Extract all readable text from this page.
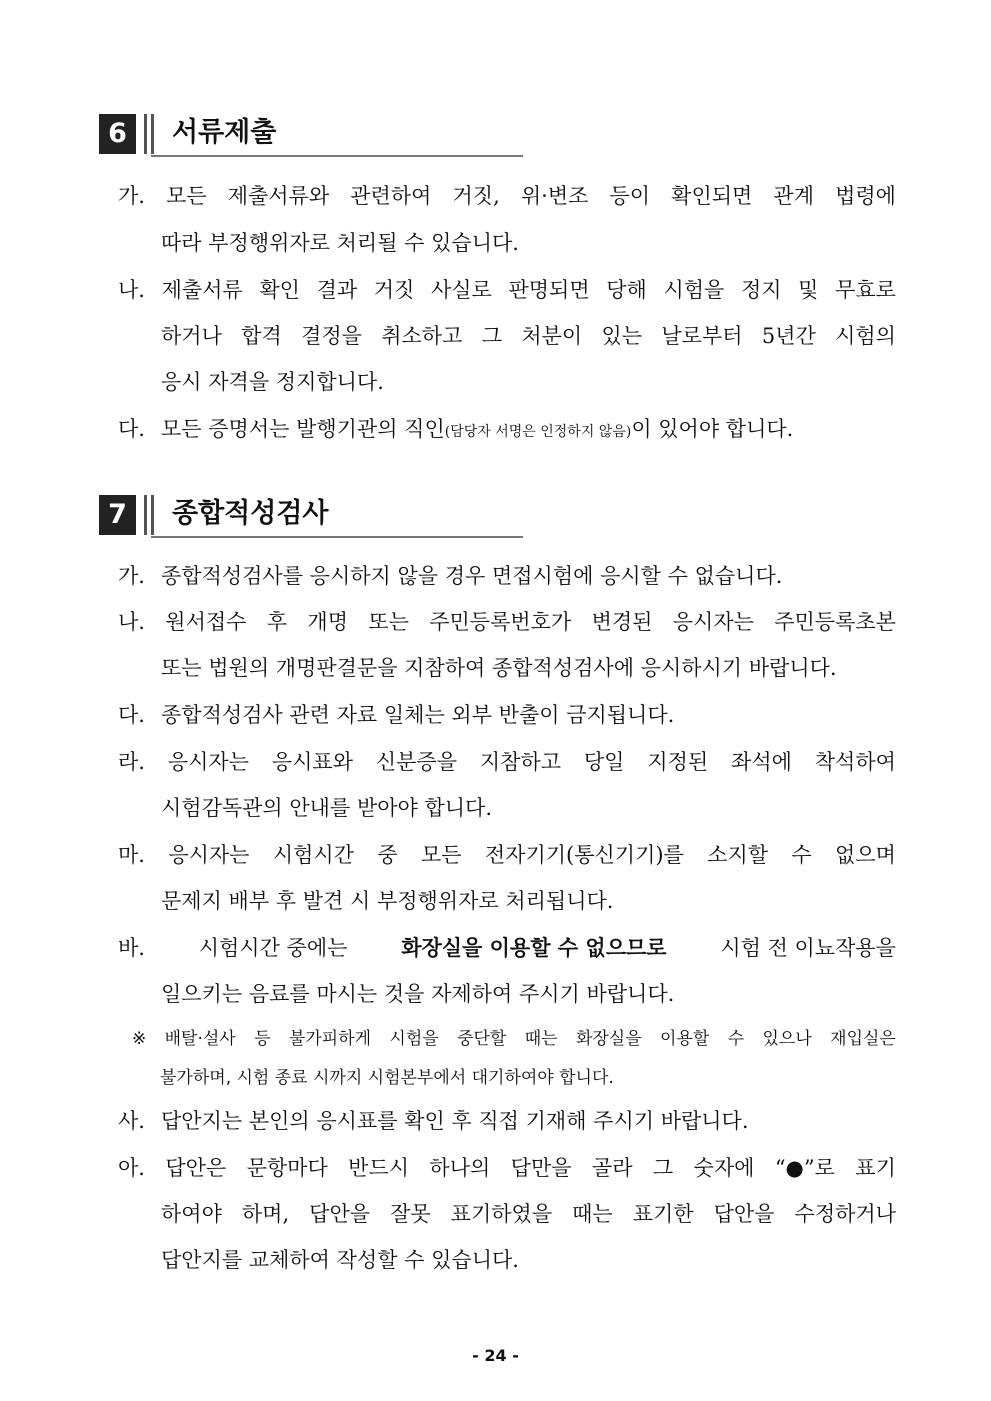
6	서류제출
가. 모든 제출서류와 관련하여 거짓, 위·변조 등이 확인되면 관계 법령에
따라 부정행위자로 처리될 수 있습니다.
나. 제출서류 확인 결과 거짓 사실로 판명되면 당해 시험을 정지 및 무효로
하거나 합격 결정을 취소하고 그 처분이 있는 날로부터 5년간 시험의
응시 자격을 정지합니다.
다. 모든 증명서는 발행기관의 직인(담당자 서명은 인정하지 않음)이 있어야 합니다.
7	종합적성검사
가. 종합적성검사를 응시하지 않을 경우 면접시험에 응시할 수 없습니다.
나. 원서접수 후 개명 또는 주민등록번호가 변경된 응시자는 주민등록초본
또는 법원의 개명판결문을 지참하여 종합적성검사에 응시하시기 바랍니다.
다. 종합적성검사 관련 자료 일체는 외부 반출이 금지됩니다.
라. 응시자는 응시표와 신분증을 지참하고 당일 지정된 좌석에 착석하여
시험감독관의 안내를 받아야 합니다.
마. 응시자는 시험시간 중 모든 전자기기(통신기기)를 소지할 수 없으며
문제지 배부 후 발견 시 부정행위자로 처리됩니다.
바.	시험시간 중에는	화장실을 이용할 수 없으므로	시험 전 이뇨작용을
일으키는 음료를 마시는 것을 자제하여 주시기 바랍니다.
※ 배탈·설사 등 불가피하게 시험을 중단할 때는 화장실을 이용할 수 있으나 재입실은
불가하며, 시험 종료 시까지 시험본부에서 대기하여야 합니다.
사. 답안지는 본인의 응시표를 확인 후 직접 기재해 주시기 바랍니다.
아. 답안은 문항마다 반드시 하나의 답만을 골라 그 숫자에 “●”로 표기
하여야 하며, 답안을 잘못 표기하였을 때는 표기한 답안을 수정하거나
답안지를 교체하여 작성할 수 있습니다.
- 24 -
